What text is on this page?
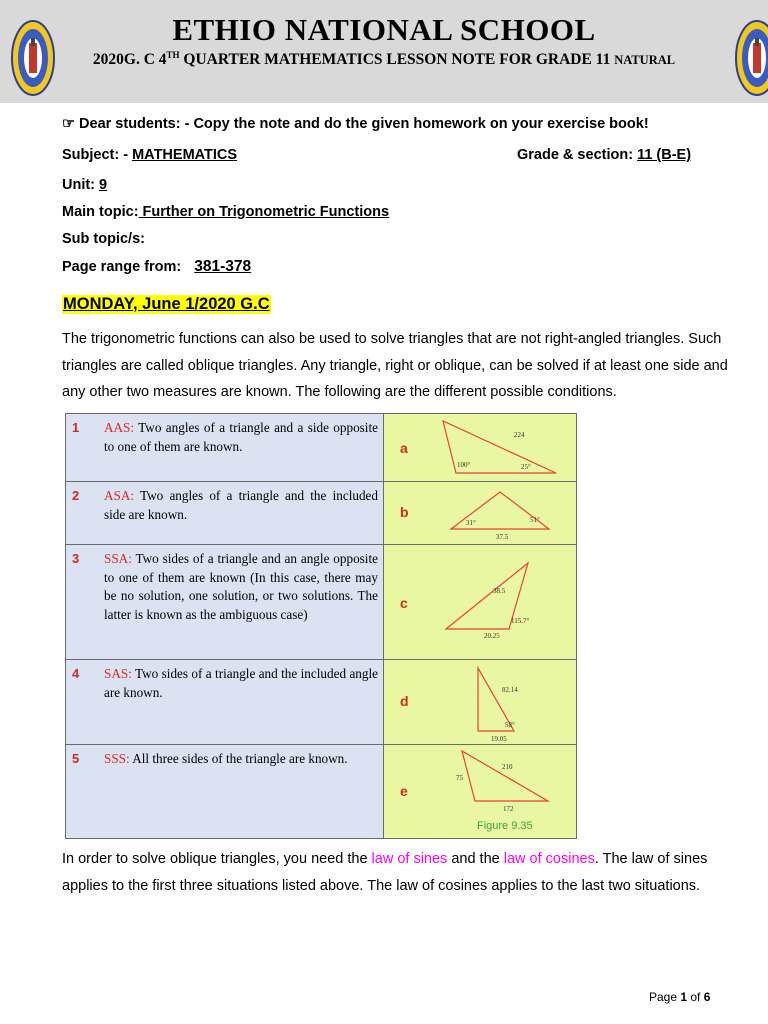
ETHIO NATIONAL SCHOOL
2020G. C 4TH QUARTER MATHEMATICS LESSON NOTE FOR GRADE 11 NATURAL
☞ Dear students: - Copy the note and do the given homework on your exercise book!
Subject: - MATHEMATICS	Grade & section: 11 (B-E)
Unit: 9
Main topic: Further on Trigonometric Functions
Sub topic/s:
Page range from: 381-378
MONDAY, June 1/2020 G.C
The trigonometric functions can also be used to solve triangles that are not right-angled triangles. Such triangles are called oblique triangles. Any triangle, right or oblique, can be solved if at least one side and any other two measures are known. The following are the different possible conditions.
1 AAS: Two angles of a triangle and a side opposite to one of them are known.	a
224
100°	25°
2 ASA: Two angles of a triangle and the included side are known.	b
31°	51°
37.5
3 SSA: Two sides of a triangle and an angle opposite to one of them are known (In this case, there may be no solution, one solution, or two solutions. The latter is known as the ambiguous case)
c
38.5
115.7°
20.25
4 SAS: Two sides of a triangle and the included angle are known.
d
82.14
58°
19.05
5 SSS: All three sides of the triangle are known.
e
210
75
172
Figure 9.35
In order to solve oblique triangles, you need the law of sines and the law of cosines. The law of sines applies to the first three situations listed above. The law of cosines applies to the last two situations.
Page 1 of 6
